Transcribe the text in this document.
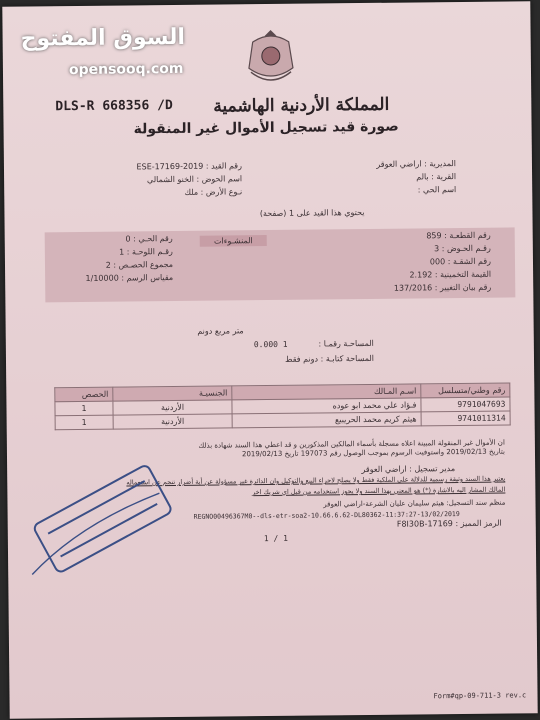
السوق المفتوح
opensooq.com
DLS-R 668356 /D المملكة الأردنية الهاشمية
صورة قيد تسجيل الأموال غير المنقولة
المديرية : اراضي العوقر
القرية : بالم
اسم الحي :
رقم القيد : 2019-ESE-17169
اسم الحوض : الخنو الشمالي
نـوع الأرض : ملك
يحتوي هذا القيد على 1 (صفحة)
رقم القطعـة : 859
رقـم الحـوض : 3
رقم الشقـة : 000
القيمة التخمينية : 2.192
رقم بيان التغيير : 137/2016
المنشـوءات
رقم الحـي : 0
رقـم اللوحـة : 1
مجموع الحصـص : 2
مقياس الرسم : 1/10000
متر مربع دونم
المساحـة رقمـا :
0.000 1
المساحة كتابـة : دونم فقط
رقم وطني/متسلسل	اسـم المـالك	الجنسيـة	الحصص
9791047693	فـؤاد علي محمد ابو عوده	الأردنية	1
9741011314	هيثم كريم محمد الحريبيع	الأردنية	1
ان الأموال غير المنقولة المبينة اعلاه مسجلة بأسماء المالكين المذكورين و قد اعطي هذا السند شهادة بذلك
بتاريخ 2019/02/13 واستوفيت الرسوم بموجب الوصول رقم 197073 تاريخ 2019/02/13
مدير تسجيل : اراضي العوقر
يعتبر هذا السند وثيقة رسمية للدلالة على الملكية فقط ولا يصلح لاجراء البيع والتوكيل وان الدائرة غير مسؤولة عن أية أضرار تنجم عن استعماله
المالك المشار اليه بالاشارة (*) هو المعني بهذا السند ولا يجوز استخدامه من قبل اي شريك اخر
منظم سند التسجيل: هيثم سليمان عليان الشرعة-اراضي العوقر
REGNO00496367M0--dls-etr-soa2-10.66.6.62-DL80362-11:37:27-13/02/2019
1 / 1
الرمز المميز : 17169-F8I30B
Form#qp-09-711-3 rev.c
